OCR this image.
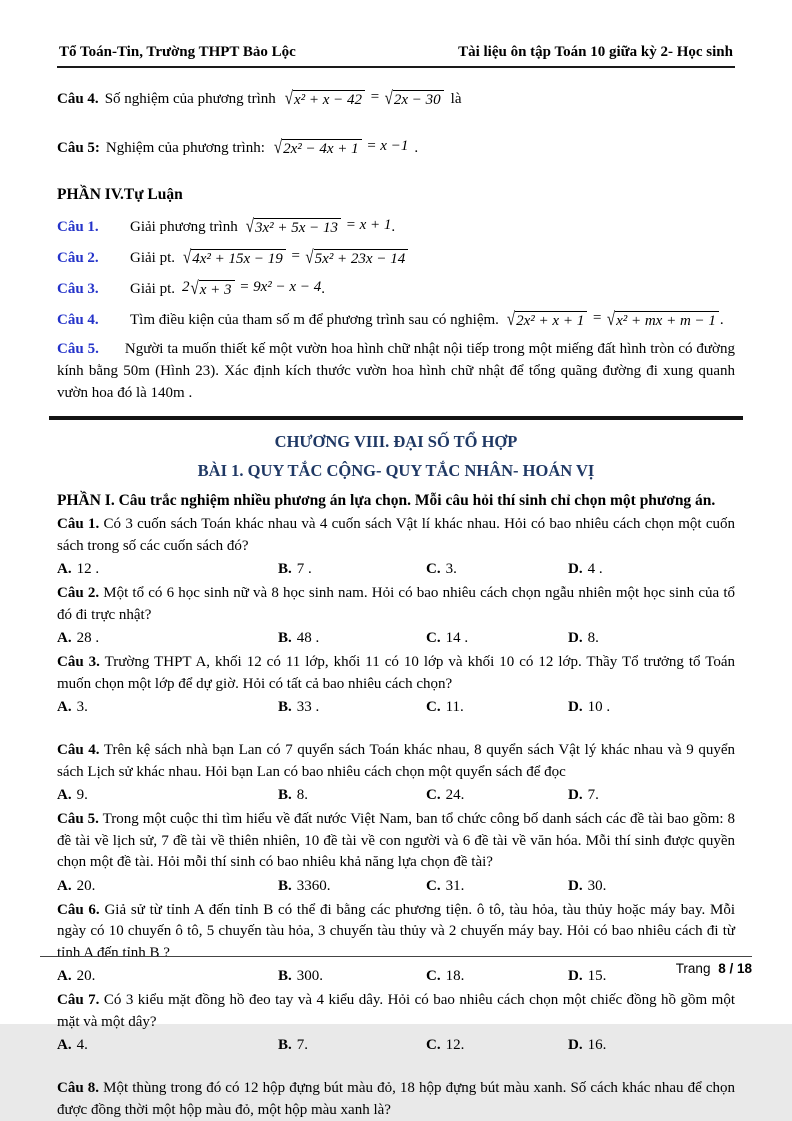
Tổ Toán-Tin, Trường THPT Bảo Lộc	Tài liệu ôn tập Toán 10 giữa kỳ 2- Học sinh
Câu 4. Số nghiệm của phương trình √ x² + x − 42 = √ 2x − 30 là
Câu 5: Nghiệm của phương trình: √ 2x² − 4x + 1 = x −1 .
PHẦN IV.Tự Luận
Câu 1.	Giải phương trình √ 3x² + 5x − 13 = x + 1 .
Câu 2.	Giải pt. √ 4x² + 15x − 19 = √ 5x² + 23x − 14
Câu 3.	Giải pt. 2 √ x + 3 = 9x² − x − 4 .
Câu 4.	Tìm điều kiện của tham số m để phương trình sau có nghiệm. √ 2x² + x + 1 = √ x² + mx + m − 1 .
Câu 5. Người ta muốn thiết kế một vườn hoa hình chữ nhật nội tiếp trong một miếng đất hình tròn có đường kính bằng 50m (Hình 23). Xác định kích thước vườn hoa hình chữ nhật để tổng quãng đường đi xung quanh vườn hoa đó là 140m .
CHƯƠNG VIII. ĐẠI SỐ TỔ HỢP
BÀI 1. QUY TẮC CỘNG- QUY TẮC NHÂN- HOÁN VỊ
PHẦN I. Câu trắc nghiệm nhiều phương án lựa chọn. Mỗi câu hỏi thí sinh chỉ chọn một phương án.
Câu 1. Có 3 cuốn sách Toán khác nhau và 4 cuốn sách Vật lí khác nhau. Hỏi có bao nhiêu cách chọn một cuốn sách trong số các cuốn sách đó?
A. 12 .	B. 7 .	C. 3.	D. 4 .
Câu 2. Một tổ có 6 học sinh nữ và 8 học sinh nam. Hỏi có bao nhiêu cách chọn ngẫu nhiên một học sinh của tổ đó đi trực nhật?
A. 28 .	B. 48 .	C. 14 .	D. 8.
Câu 3. Trường THPT A, khối 12 có 11 lớp, khối 11 có 10 lớp và khối 10 có 12 lớp. Thầy Tổ trưởng tổ Toán muốn chọn một lớp để dự giờ. Hỏi có tất cả bao nhiêu cách chọn?
A. 3.	B. 33 .	C. 11.	D. 10 .
Câu 4. Trên kệ sách nhà bạn Lan có 7 quyển sách Toán khác nhau, 8 quyển sách Vật lý khác nhau và 9 quyển sách Lịch sử khác nhau. Hỏi bạn Lan có bao nhiêu cách chọn một quyển sách để đọc
A. 9.	B. 8.	C. 24.	D. 7.
Câu 5. Trong một cuộc thi tìm hiểu về đất nước Việt Nam, ban tổ chức công bố danh sách các đề tài bao gồm: 8 đề tài về lịch sử, 7 đề tài về thiên nhiên, 10 đề tài về con người và 6 đề tài về văn hóa. Mỗi thí sinh được quyền chọn một đề tài. Hỏi mỗi thí sinh có bao nhiêu khả năng lựa chọn đề tài?
A. 20.	B. 3360.	C. 31.	D. 30.
Câu 6. Giả sử từ tỉnh A đến tỉnh B có thể đi bằng các phương tiện. ô tô, tàu hỏa, tàu thủy hoặc máy bay. Mỗi ngày có 10 chuyến ô tô, 5 chuyến tàu hỏa, 3 chuyến tàu thủy và 2 chuyến máy bay. Hỏi có bao nhiêu cách đi từ tỉnh A đến tỉnh B ?
A. 20.	B. 300.	C. 18.	D. 15.
Câu 7. Có 3 kiểu mặt đồng hồ đeo tay và 4 kiểu dây. Hỏi có bao nhiêu cách chọn một chiếc đồng hồ gồm một mặt và một dây?
A. 4.	B. 7.	C. 12.	D. 16.
Câu 8. Một thùng trong đó có 12 hộp đựng bút màu đỏ, 18 hộp đựng bút màu xanh. Số cách khác nhau để chọn được đồng thời một hộp màu đỏ, một hộp màu xanh là?
Trang 8 / 18
